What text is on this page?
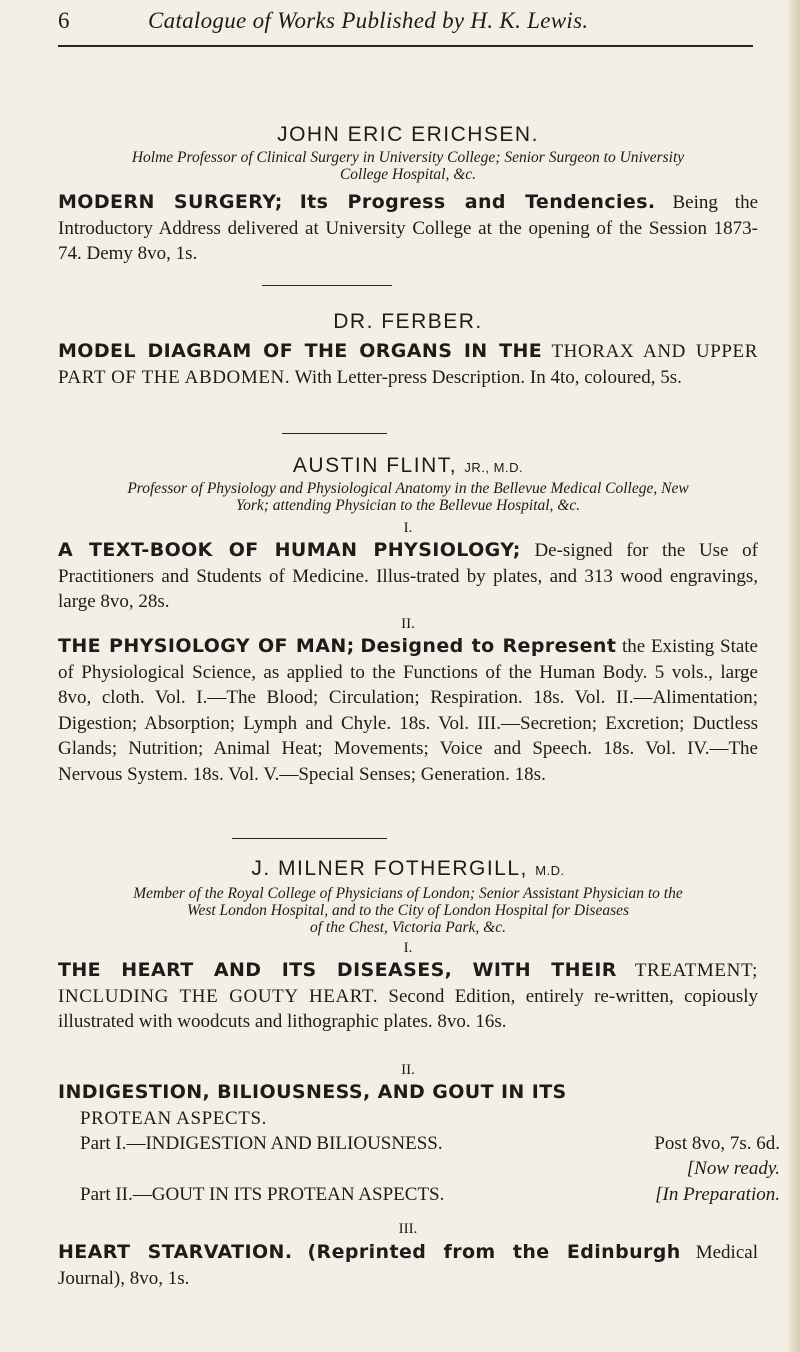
6	Catalogue of Works Published by H. K. Lewis.
JOHN ERIC ERICHSEN.
Holme Professor of Clinical Surgery in University College; Senior Surgeon to University
College Hospital, &c.
MODERN SURGERY; Its Progress and Tendencies. Being the Introductory Address delivered at University College at the opening of the Session 1873-74. Demy 8vo, 1s.
DR. FERBER.
MODEL DIAGRAM OF THE ORGANS IN THE THORAX AND UPPER PART OF THE ABDOMEN. With Letter-press Description. In 4to, coloured, 5s.
AUSTIN FLINT, JR., M.D.
Professor of Physiology and Physiological Anatomy in the Bellevue Medical College, New
York; attending Physician to the Bellevue Hospital, &c.
I.
A TEXT-BOOK OF HUMAN PHYSIOLOGY; De-signed for the Use of Practitioners and Students of Medicine. Illus-trated by plates, and 313 wood engravings, large 8vo, 28s.
II.
THE PHYSIOLOGY OF MAN; Designed to Represent the Existing State of Physiological Science, as applied to the Functions of the Human Body. 5 vols., large 8vo, cloth. Vol. I.—The Blood; Circulation; Respiration. 18s. Vol. II.—Alimentation; Digestion; Absorption; Lymph and Chyle. 18s. Vol. III.—Secretion; Excretion; Ductless Glands; Nutrition; Animal Heat; Movements; Voice and Speech. 18s. Vol. IV.—The Nervous System. 18s. Vol. V.—Special Senses; Generation. 18s.
J. MILNER FOTHERGILL, M.D.
Member of the Royal College of Physicians of London; Senior Assistant Physician to the
West London Hospital, and to the City of London Hospital for Diseases
of the Chest, Victoria Park, &c.
I.
THE HEART AND ITS DISEASES, WITH THEIR TREATMENT; INCLUDING THE GOUTY HEART. Second Edition, entirely re-written, copiously illustrated with woodcuts and lithographic plates. 8vo. 16s.
II.
INDIGESTION, BILIOUSNESS, AND GOUT IN ITS
PROTEAN ASPECTS.
Part I.—INDIGESTION AND BILIOUSNESS.	Post 8vo, 7s. 6d.
[Now ready.
Part II.—GOUT IN ITS PROTEAN ASPECTS.	[In Preparation.
III.
HEART STARVATION. (Reprinted from the Edinburgh Medical Journal), 8vo, 1s.
